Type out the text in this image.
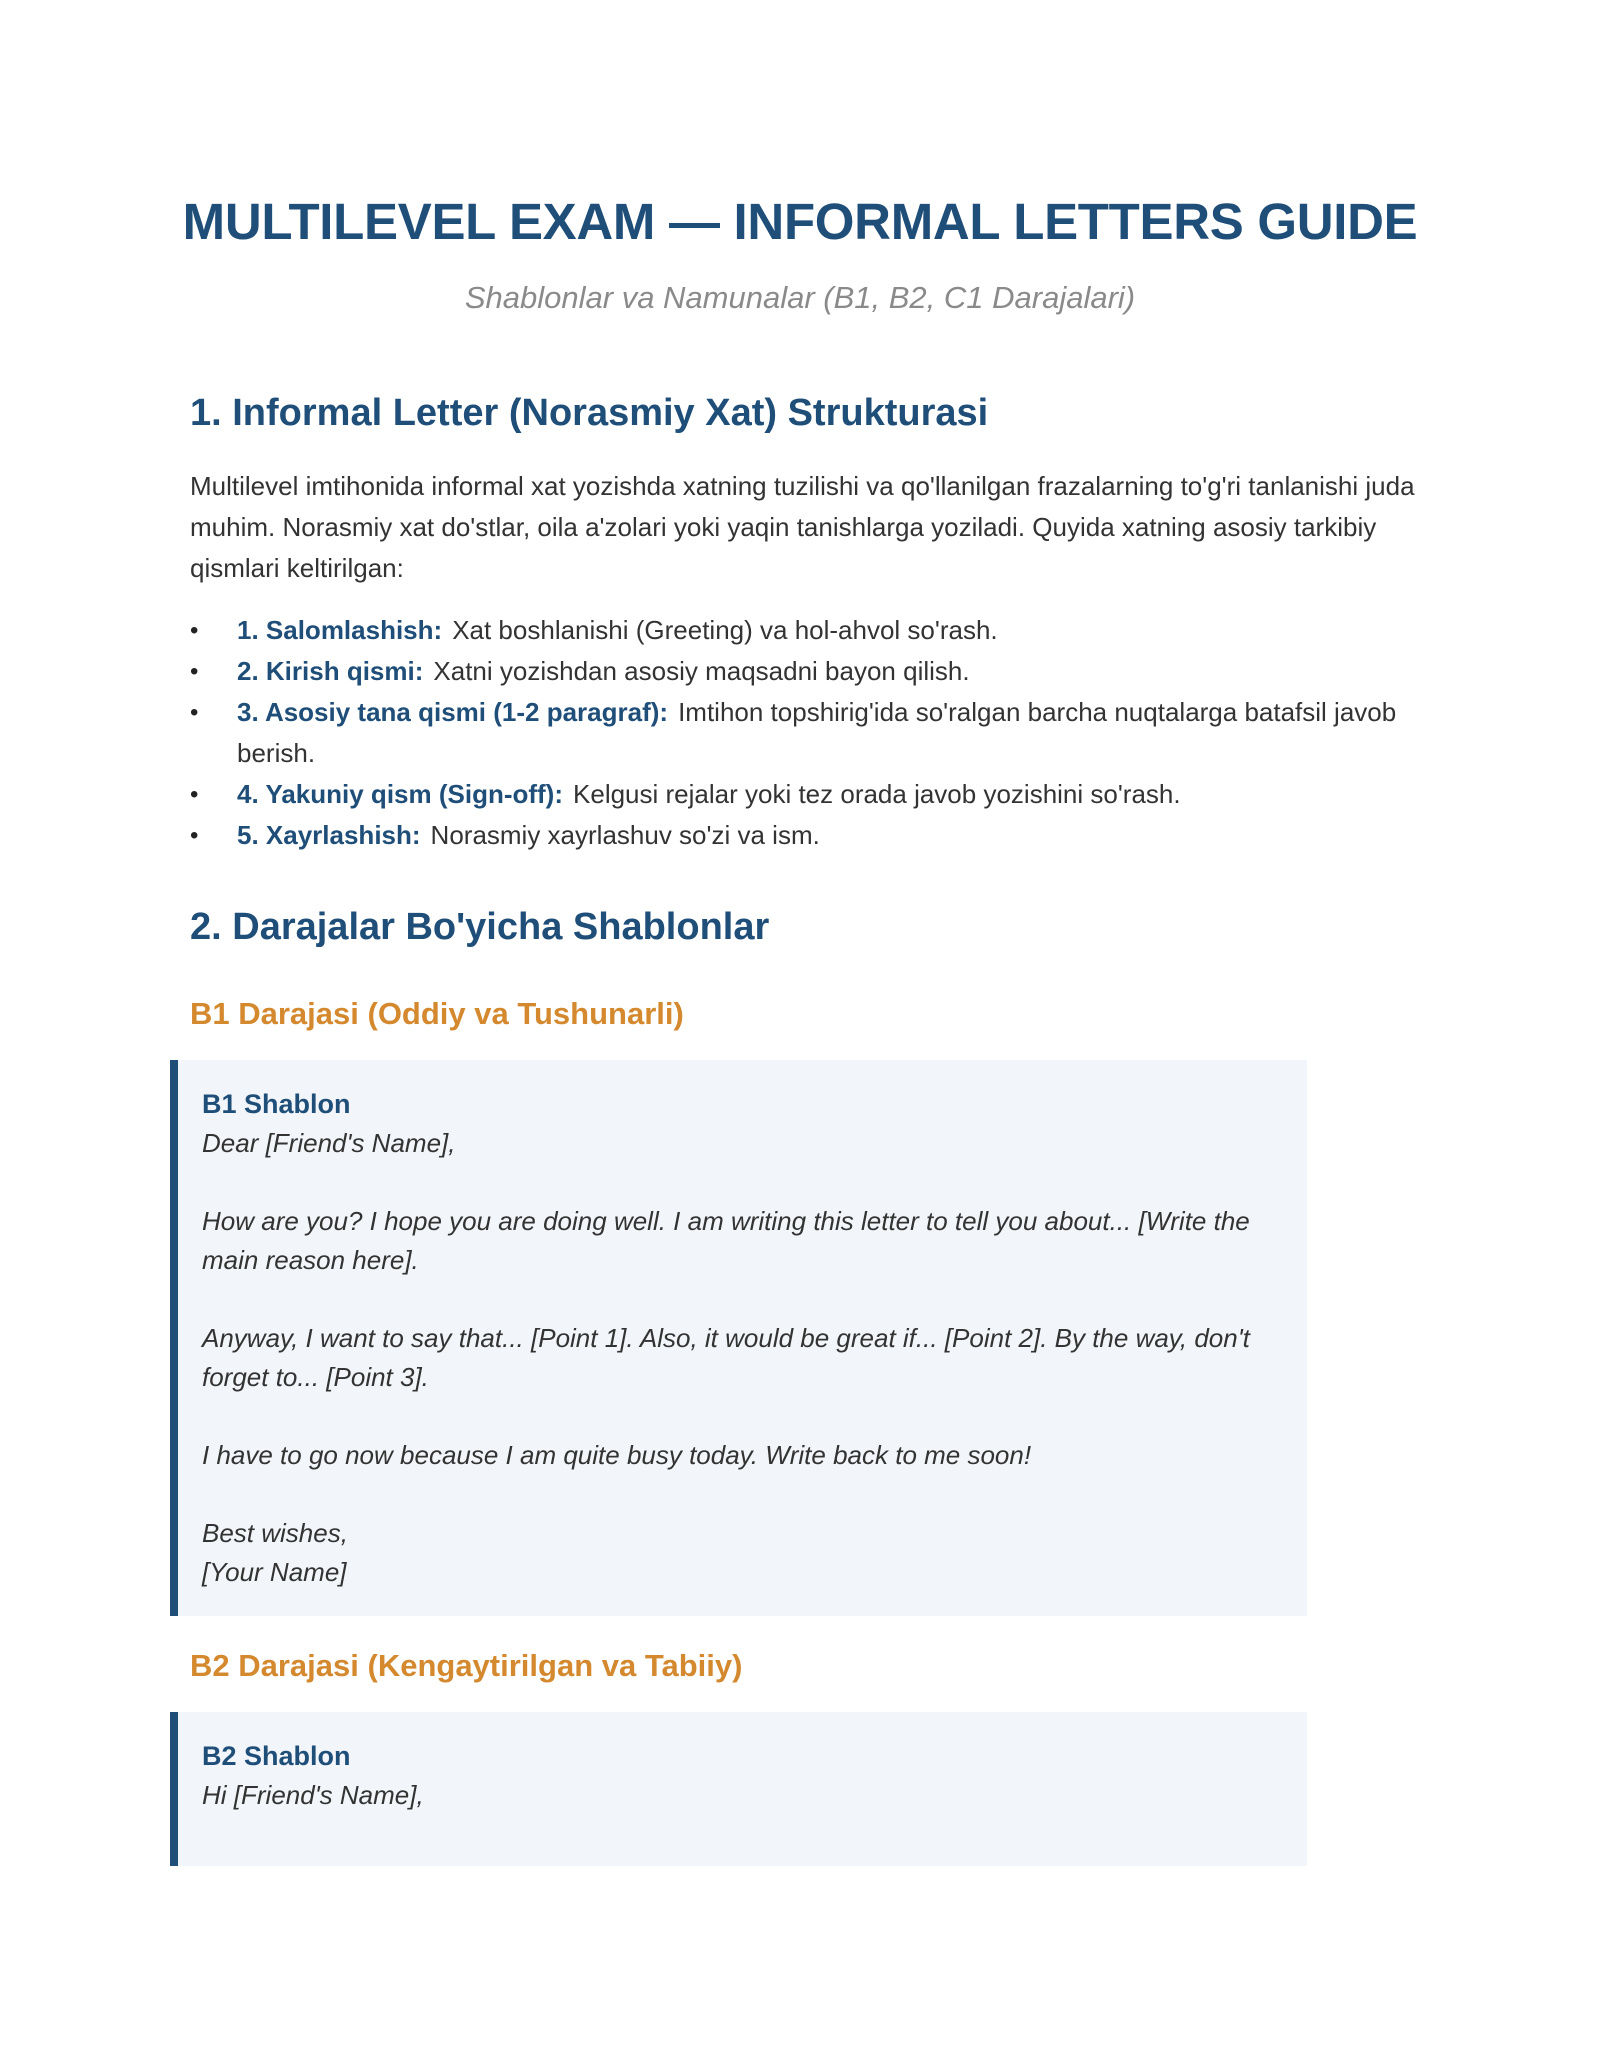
MULTILEVEL EXAM — INFORMAL LETTERS GUIDE

Shablonlar va Namunalar (B1, B2, C1 Darajalari)

1. Informal Letter (Norasmiy Xat) Strukturasi

Multilevel imtihonida informal xat yozishda xatning tuzilishi va qo'llanilgan frazalarning to'g'ri tanlanishi juda muhim. Norasmiy xat do'stlar, oila a'zolari yoki yaqin tanishlarga yoziladi. Quyida xatning asosiy tarkibiy qismlari keltirilgan:

• 1. Salomlashish: Xat boshlanishi (Greeting) va hol-ahvol so'rash.
• 2. Kirish qismi: Xatni yozishdan asosiy maqsadni bayon qilish.
• 3. Asosiy tana qismi (1-2 paragraf): Imtihon topshirig'ida so'ralgan barcha nuqtalarga batafsil javob berish.
• 4. Yakuniy qism (Sign-off): Kelgusi rejalar yoki tez orada javob yozishini so'rash.
• 5. Xayrlashish: Norasmiy xayrlashuv so'zi va ism.
2. Darajalar Bo'yicha Shablonlar
B1 Darajasi (Oddiy va Tushunarli)

B1 Shablon

Dear [Friend's Name],

How are you? I hope you are doing well. I am writing this letter to tell you about... [Write the

main reason here].

Anyway, I want to say that... [Point 1]. Also, it would be great if... [Point 2]. By the way, don't

forget to... [Point 3].

I have to go now because I am quite busy today. Write back to me soon!

Best wishes,

[Your Name]

B2 Darajasi (Kengaytirilgan va Tabiiy)

B2 Shablon

Hi [Friend's Name],
